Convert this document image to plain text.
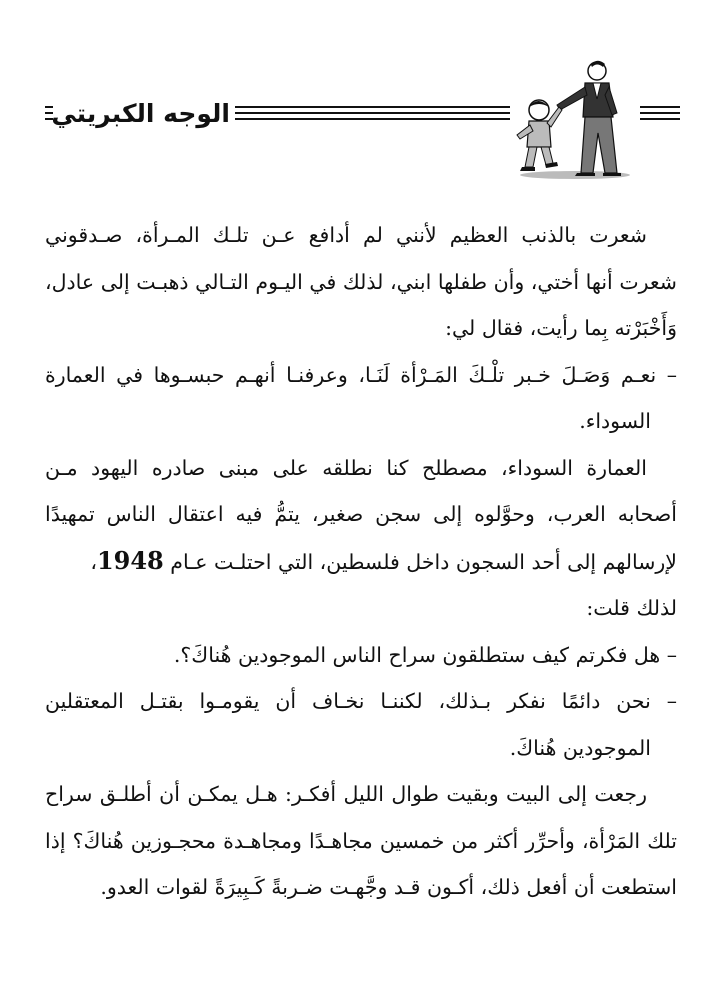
الوجه الكبريتي

شعرت بالذنب العظيم لأنني لم أدافع عـن تلـك المـرأة، صـدقوني شعرت أنها أختي، وأن طفلها ابني، لذلك في اليـوم التـالي ذهبـت إلى عادل، وَأَخْبَرْته بِما رأيت، فقال لي:

– نعـم وَصَـلَ خـبر تلْـكَ المَـرْأة لَنَـا، وعرفنـا أنهـم حبسـوها في العمارة السوداء.

العمارة السوداء، مصطلح كنا نطلقه على مبنى صادره اليهود مـن أصحابه العرب، وحوَّلوه إلى سجن صغير، يتمُّ فيه اعتقال الناس تمهيدًا لإرسالهم إلى أحد السجون داخل فلسطين، التي احتلـت عـام 1948،

لذلك قلت:

– هل فكرتم كيف ستطلقون سراح الناس الموجودين هُناكَ؟.

– نحن دائمًا نفكر بـذلك، لكننـا نخـاف أن يقومـوا بقتـل المعتقلين الموجودين هُناكَ.

رجعت إلى البيت وبقيت طوال الليل أفكـر: هـل يمكـن أن أطلـق سراح تلك المَرْأة، وأحرِّر أكثر من خمسين مجاهـدًا ومجاهـدة محجـوزين هُناكَ؟ إذا استطعت أن أفعل ذلك، أكـون قـد وجَّهـت ضـربةً كَـبِيرَةً لقوات العدو.
